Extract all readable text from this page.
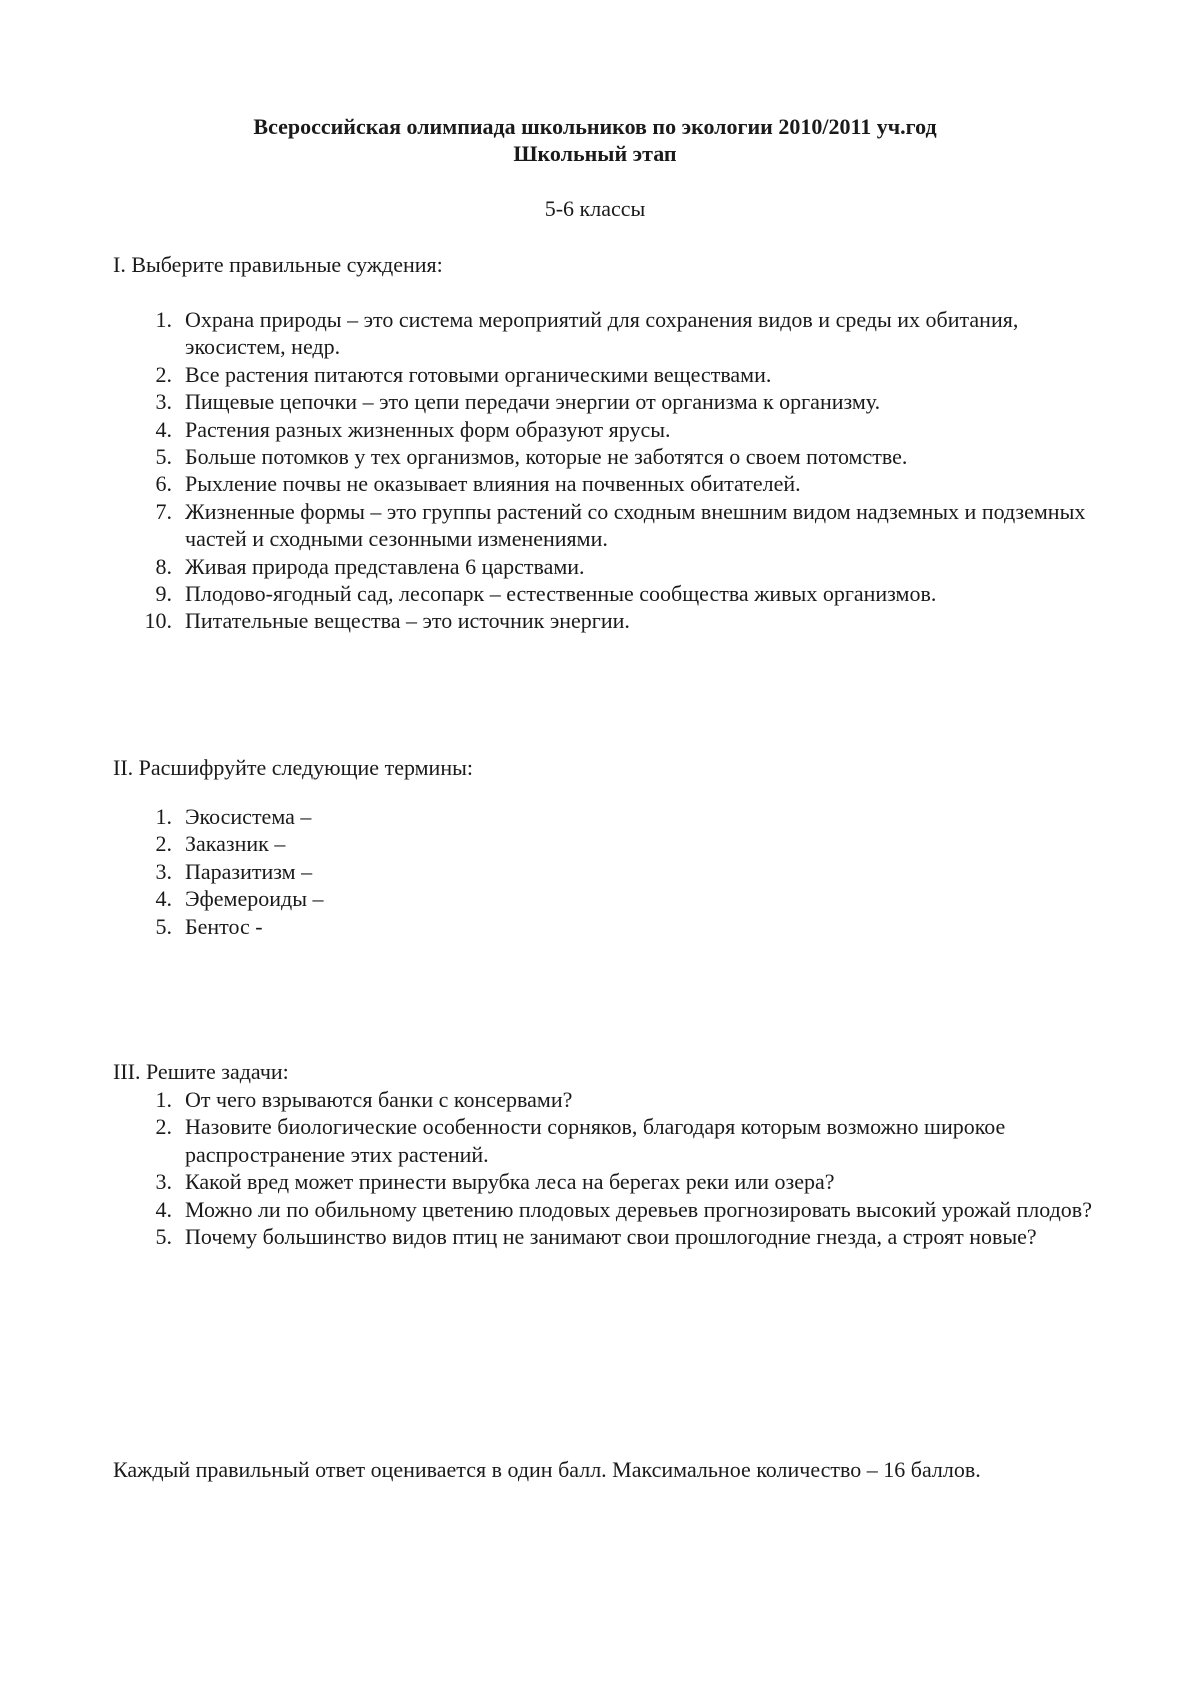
Всероссийская олимпиада школьников по экологии 2010/2011 уч.год
Школьный этап
5-6 классы
I. Выберите правильные суждения:
1. Охрана природы – это система мероприятий для сохранения видов и среды их обитания, экосистем, недр.
2. Все растения питаются готовыми органическими веществами.
3. Пищевые цепочки – это цепи передачи энергии от организма к организму.
4. Растения разных жизненных форм образуют ярусы.
5. Больше потомков у тех организмов, которые не заботятся о своем потомстве.
6. Рыхление почвы не оказывает влияния на почвенных обитателей.
7. Жизненные формы – это группы растений со сходным внешним видом надземных и подземных частей и сходными сезонными изменениями.
8. Живая природа представлена 6 царствами.
9. Плодово-ягодный сад, лесопарк – естественные сообщества живых организмов.
10. Питательные вещества – это источник энергии.
II. Расшифруйте следующие термины:
1. Экосистема –
2. Заказник –
3. Паразитизм –
4. Эфемероиды –
5. Бентос -
III. Решите задачи:
1. От чего взрываются банки с консервами?
2. Назовите биологические особенности сорняков, благодаря которым возможно широкое распространение этих растений.
3. Какой вред может принести вырубка леса на берегах реки или озера?
4. Можно ли по обильному цветению плодовых деревьев прогнозировать высокий урожай плодов?
5. Почему большинство видов птиц не занимают свои прошлогодние гнезда, а строят новые?
Каждый правильный ответ оценивается в один балл. Максимальное количество – 16 баллов.
